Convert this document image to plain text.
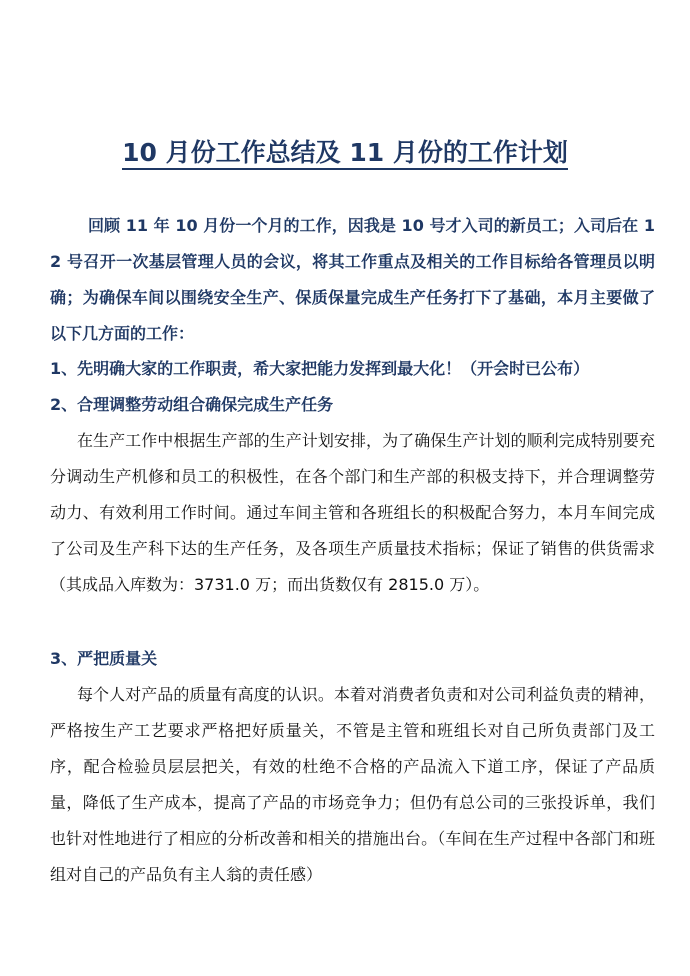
10 月份工作总结及 11 月份的工作计划

回顾 11 年 10 月份一个月的工作，因我是 10 号才入司的新员工；入司后在 12 号召开一次基层管理人员的会议，将其工作重点及相关的工作目标给各管理员以明确；为确保车间以围绕安全生产、保质保量完成生产任务打下了基础，本月主要做了以下几方面的工作：

1、先明确大家的工作职责，希大家把能力发挥到最大化！（开会时已公布）

2、合理调整劳动组合确保完成生产任务

在生产工作中根据生产部的生产计划安排，为了确保生产计划的顺利完成特别要充分调动生产机修和员工的积极性，在各个部门和生产部的积极支持下，并合理调整劳动力、有效利用工作时间。通过车间主管和各班组长的积极配合努力，本月车间完成了公司及生产科下达的生产任务，及各项生产质量技术指标；保证了销售的供货需求（其成品入库数为：3731.0 万；而出货数仅有 2815.0 万）。

3、严把质量关

每个人对产品的质量有高度的认识。本着对消费者负责和对公司利益负责的精神，严格按生产工艺要求严格把好质量关，不管是主管和班组长对自己所负责部门及工序，配合检验员层层把关，有效的杜绝不合格的产品流入下道工序，保证了产品质量，降低了生产成本，提高了产品的市场竞争力；但仍有总公司的三张投诉单，我们也针对性地进行了相应的分析改善和相关的措施出台。（车间在生产过程中各部门和班组对自己的产品负有主人翁的责任感）
